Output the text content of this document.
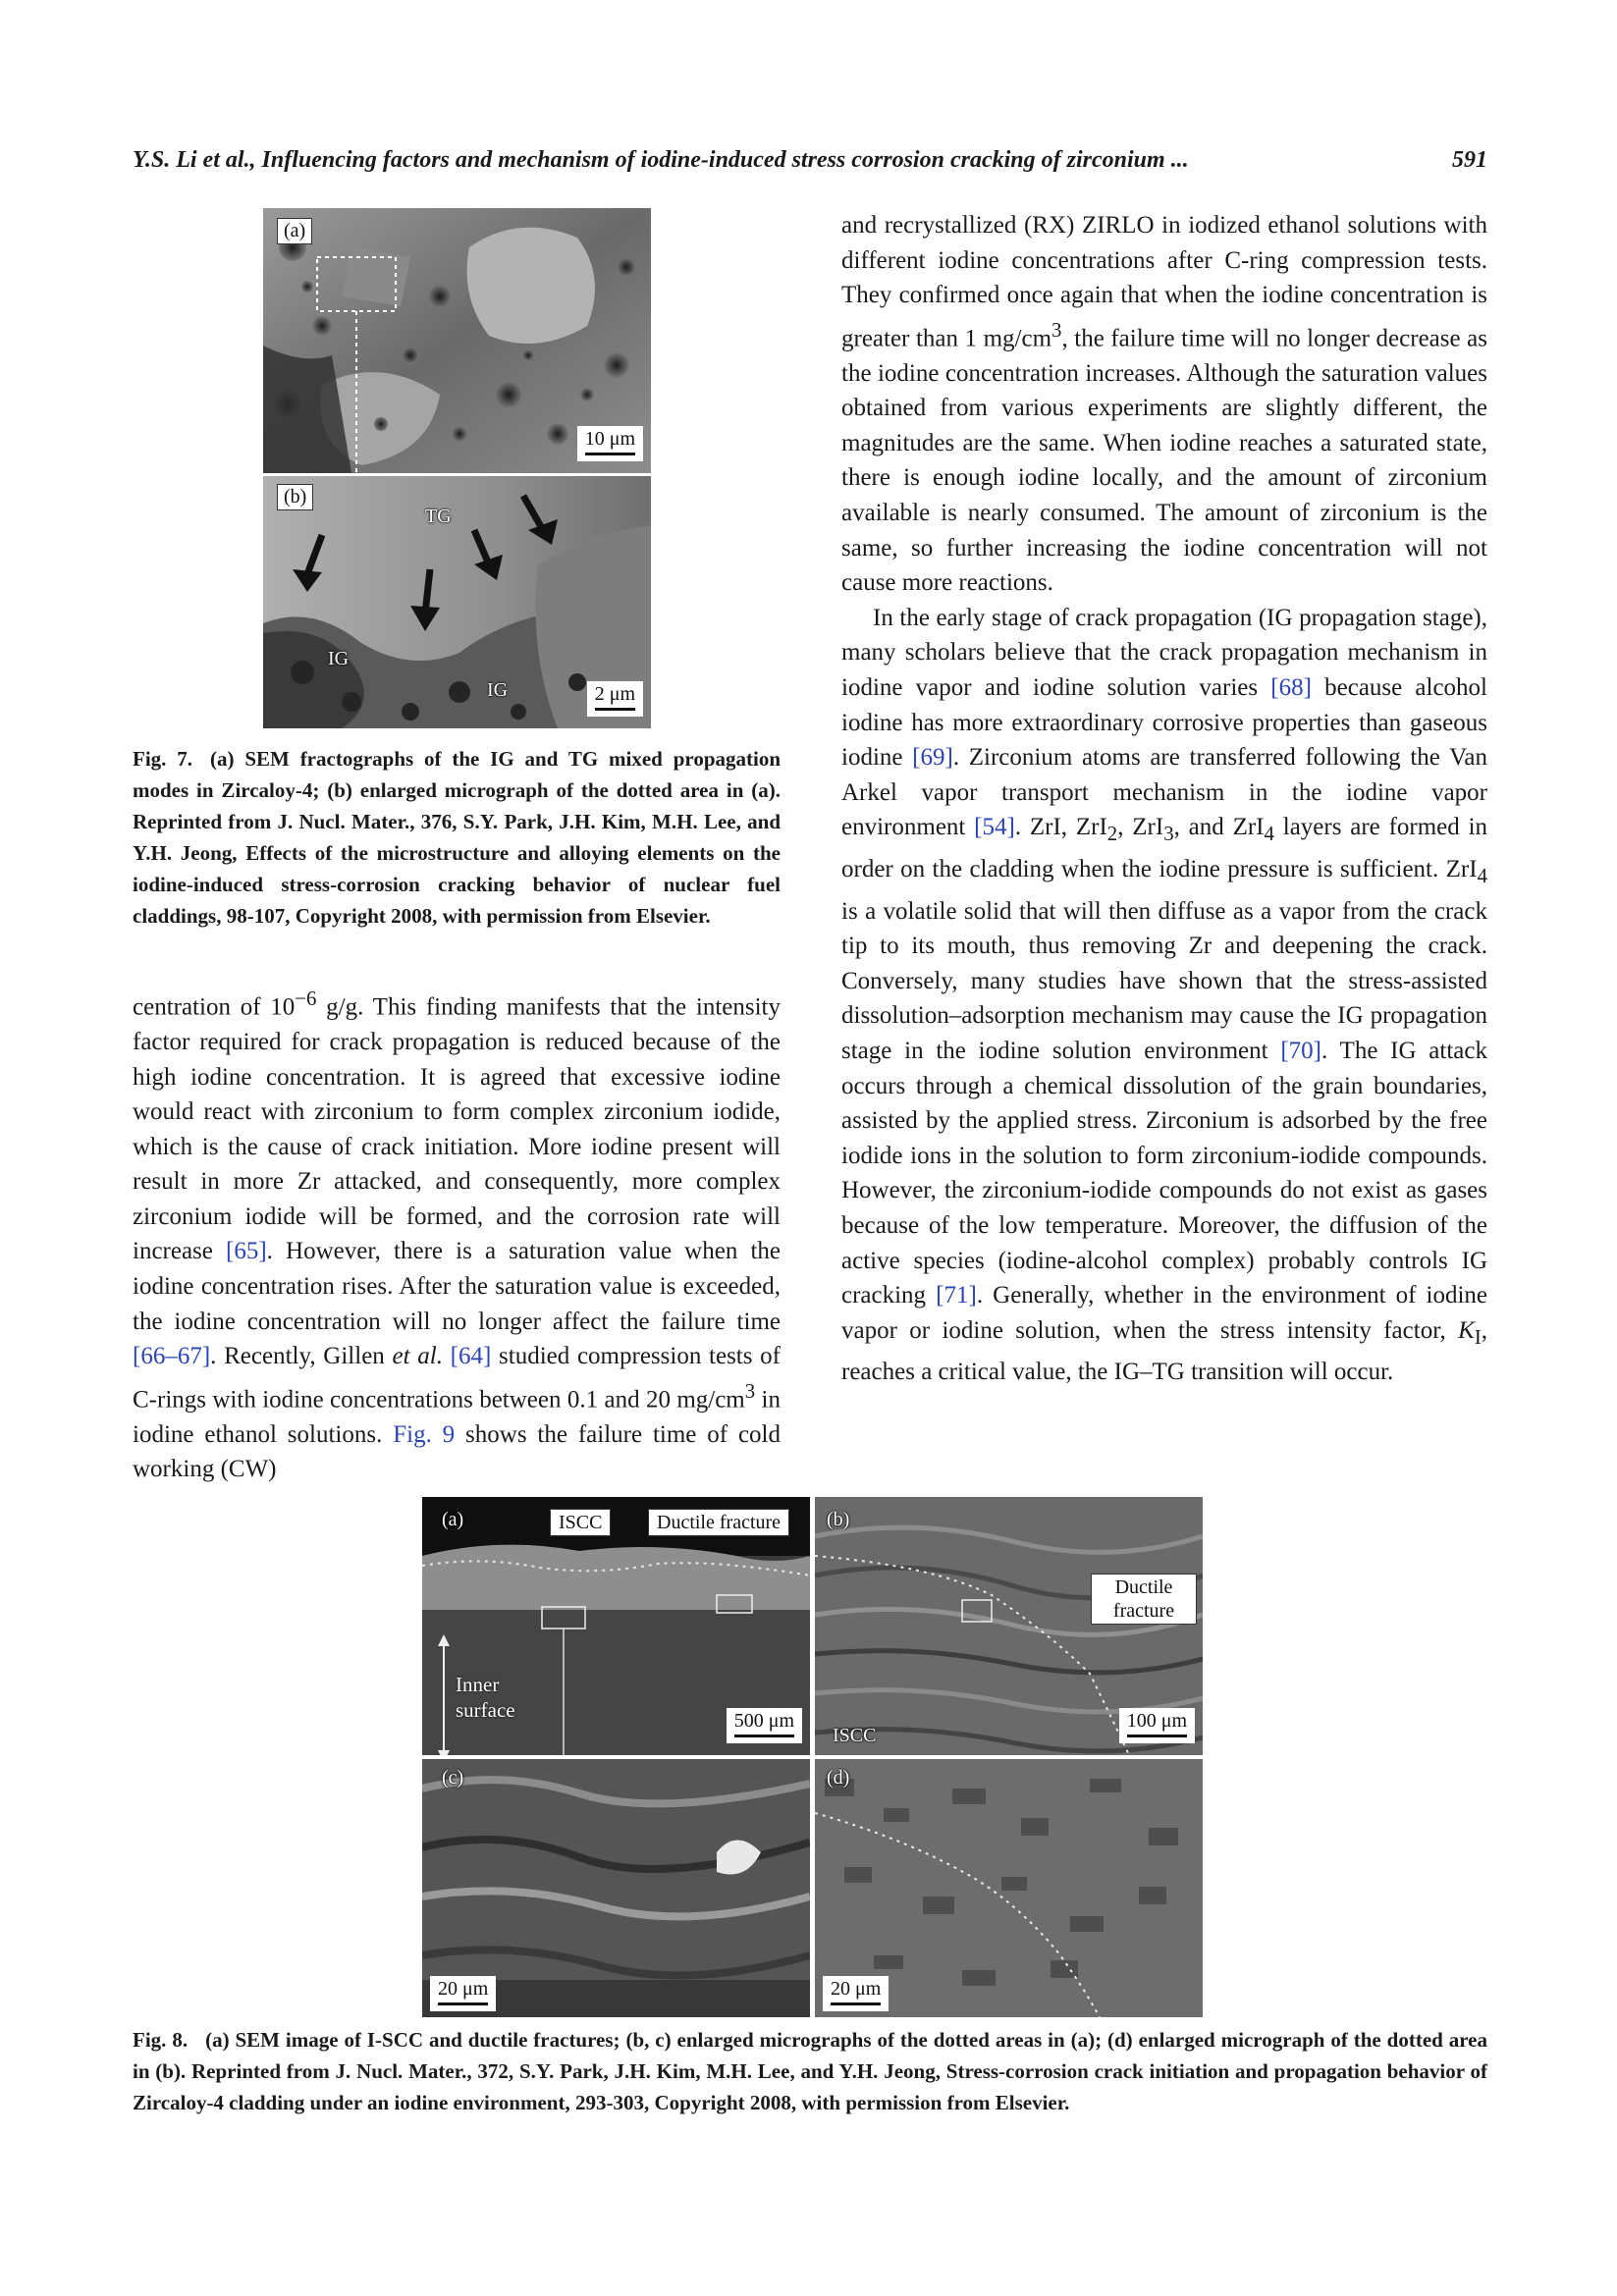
Y.S. Li et al., Influencing factors and mechanism of iodine-induced stress corrosion cracking of zirconium ...	591
(a)
10 μm
(b)
TG
IG
IG	2 μm
Fig. 7. (a) SEM fractographs of the IG and TG mixed propagation modes in Zircaloy-4; (b) enlarged micrograph of the dotted area in (a). Reprinted from J. Nucl. Mater., 376, S.Y. Park, J.H. Kim, M.H. Lee, and Y.H. Jeong, Effects of the microstructure and alloying elements on the iodine-induced stress-corrosion cracking behavior of nuclear fuel claddings, 98-107, Copyright 2008, with permission from Elsevier.

centration of $10^{-6}$ g/g. This finding manifests that the intensity factor required for crack propagation is reduced because of the high iodine concentration. It is agreed that excessive iodine would react with zirconium to form complex zirconium iodide, which is the cause of crack initiation. More iodine present will result in more Zr attacked, and consequently, more complex zirconium iodide will be formed, and the corrosion rate will increase [65]. However, there is a saturation value when the iodine concentration rises. After the saturation value is exceeded, the iodine concentration will no longer affect the failure time [66–67]. Recently, Gillen et al. [64] studied compression tests of C-rings with iodine concentrations between 0.1 and 20 $mg/cm^3$ in iodine ethanol solutions. Fig. 9 shows the failure time of cold working (CW)

and recrystallized (RX) ZIRLO in iodized ethanol solutions with different iodine concentrations after C-ring compression tests. They confirmed once again that when the iodine concentration is greater than 1 $mg/cm^3$, the failure time will no longer decrease as the iodine concentration increases. Although the saturation values obtained from various experiments are slightly different, the magnitudes are the same. When iodine reaches a saturated state, there is enough iodine locally, and the amount of zirconium available is nearly consumed. The amount of zirconium is the same, so further increasing the iodine concentration will not cause more reactions.

In the early stage of crack propagation (IG propagation stage), many scholars believe that the crack propagation mechanism in iodine vapor and iodine solution varies [68] because alcohol iodine has more extraordinary corrosive properties than gaseous iodine [69]. Zirconium atoms are transferred following the Van Arkel vapor transport mechanism in the iodine vapor environment [54]. ZrI, ZrI$_2$, ZrI$_3$, and ZrI$_4$ layers are formed in order on the cladding when the iodine pressure is sufficient. ZrI$_4$ is a volatile solid that will then diffuse as a vapor from the crack tip to its mouth, thus removing Zr and deepening the crack. Conversely, many studies have shown that the stress-assisted dissolution–adsorption mechanism may cause the IG propagation stage in the iodine solution environment [70]. The IG attack occurs through a chemical dissolution of the grain boundaries, assisted by the applied stress. Zirconium is adsorbed by the free iodide ions in the solution to form zirconium-iodide compounds. However, the zirconium-iodide compounds do not exist as gases because of the low temperature. Moreover, the diffusion of the active species (iodine-alcohol complex) probably controls IG cracking [71]. Generally, whether in the environment of iodine vapor or iodine solution, when the stress intensity factor, $K_I$, reaches a critical value, the IG–TG transition will occur.

(a)	ISCC	Ductile fracture
Inner surface	500 μm
(b)
Ductile fracture
ISCC
100 μm
(c)
20 μm
(d)
20 μm
Fig. 8. (a) SEM image of I-SCC and ductile fractures; (b, c) enlarged micrographs of the dotted areas in (a); (d) enlarged micrograph of the dotted area in (b). Reprinted from J. Nucl. Mater., 372, S.Y. Park, J.H. Kim, M.H. Lee, and Y.H. Jeong, Stress-corrosion crack initiation and propagation behavior of Zircaloy-4 cladding under an iodine environment, 293-303, Copyright 2008, with permission from Elsevier.
